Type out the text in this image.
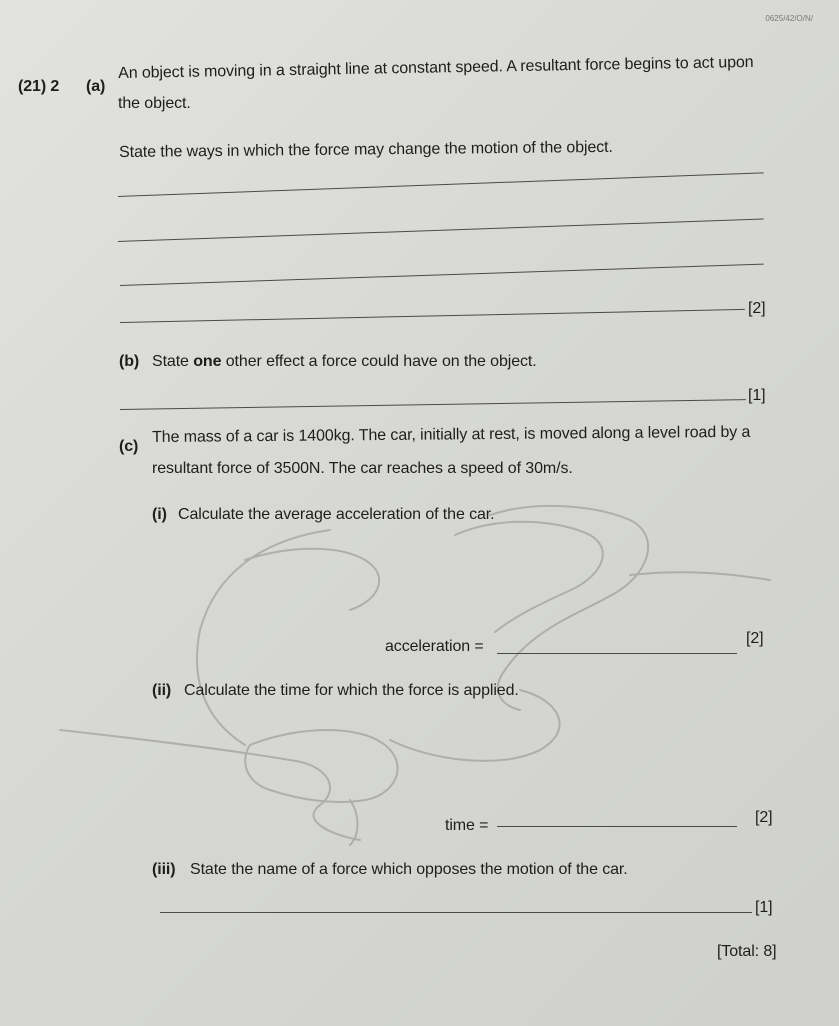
0625/42/O/N/
(21) 2 (a)
An object is moving in a straight line at constant speed. A resultant force begins to act upon
the object.
State the ways in which the force may change the motion of the object.
[2]
(b) State one other effect a force could have on the object.
[1]
(c)
The mass of a car is 1400kg. The car, initially at rest, is moved along a level road by a
resultant force of 3500N. The car reaches a speed of 30m/s.
(i) Calculate the average acceleration of the car.
acceleration =	[2]
(ii) Calculate the time for which the force is applied.
time =	[2]
(iii) State the name of a force which opposes the motion of the car.
[1]
[Total: 8]
